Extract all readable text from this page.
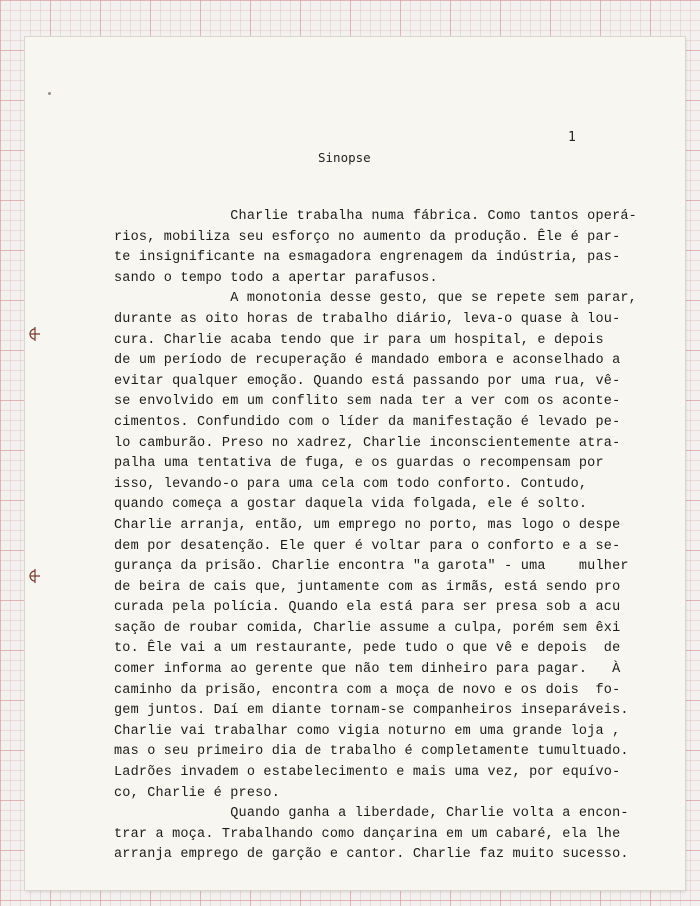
1
Sinopse
Charlie trabalha numa fábrica. Como tantos operá-
rios, mobiliza seu esforço no aumento da produção. Êle é par-
te insignificante na esmagadora engrenagem da indústria, pas-
sando o tempo todo a apertar parafusos.
A monotonia desse gesto, que se repete sem parar,
durante as oito horas de trabalho diário, leva-o quase à lou-
cura. Charlie acaba tendo que ir para um hospital, e depois
de um período de recuperação é mandado embora e aconselhado a
evitar qualquer emoção. Quando está passando por uma rua, vê-
se envolvido em um conflito sem nada ter a ver com os aconte-
cimentos. Confundido com o líder da manifestação é levado pe-
lo camburão. Preso no xadrez, Charlie inconscientemente atra-
palha uma tentativa de fuga, e os guardas o recompensam por
isso, levando-o para uma cela com todo conforto. Contudo,
quando começa a gostar daquela vida folgada, ele é solto.
Charlie arranja, então, um emprego no porto, mas logo o despe
dem por desatenção. Ele quer é voltar para o conforto e a se-
gurança da prisão. Charlie encontra "a garota" - uma    mulher
de beira de cais que, juntamente com as irmãs, está sendo pro
curada pela polícia. Quando ela está para ser presa sob a acu
sação de roubar comida, Charlie assume a culpa, porém sem êxi
to. Êle vai a um restaurante, pede tudo o que vê e depois  de
comer informa ao gerente que não tem dinheiro para pagar.   À
caminho da prisão, encontra com a moça de novo e os dois  fo-
gem juntos. Daí em diante tornam-se companheiros inseparáveis.
Charlie vai trabalhar como vigia noturno em uma grande loja ,
mas o seu primeiro dia de trabalho é completamente tumultuado.
Ladrões invadem o estabelecimento e mais uma vez, por equívo-
co, Charlie é preso.
Quando ganha a liberdade, Charlie volta a encon-
trar a moça. Trabalhando como dançarina em um cabaré, ela lhe
arranja emprego de garção e cantor. Charlie faz muito sucesso.
